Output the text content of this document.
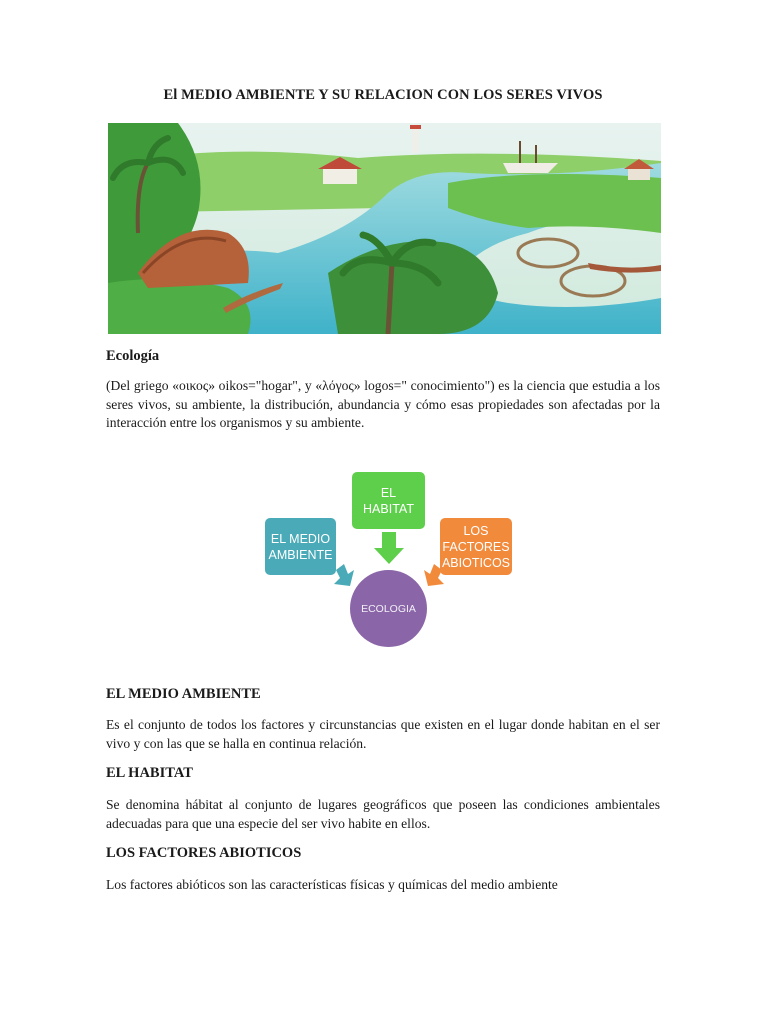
El MEDIO AMBIENTE Y SU RELACION CON LOS SERES VIVOS
Ecología

(Del griego «οικος» oikos="hogar", y «λόγος» logos=" conocimiento") es la ciencia que estudia a los seres vivos, su ambiente, la distribución, abundancia y cómo esas propiedades son afectadas por la interacción entre los organismos y su ambiente.

EL
HABITAT
EL MEDIO
AMBIENTE
LOS
FACTORES
ABIOTICOS
ECOLOGIA
EL MEDIO AMBIENTE

Es el conjunto de todos los factores y circunstancias que existen en el lugar donde habitan en el ser vivo y con las que se halla en continua relación.

EL HABITAT

Se denomina hábitat al conjunto de lugares geográficos que poseen las condiciones ambientales adecuadas para que una especie del ser vivo habite en ellos.

LOS FACTORES ABIOTICOS

Los factores abióticos son las características físicas y químicas del medio ambiente
